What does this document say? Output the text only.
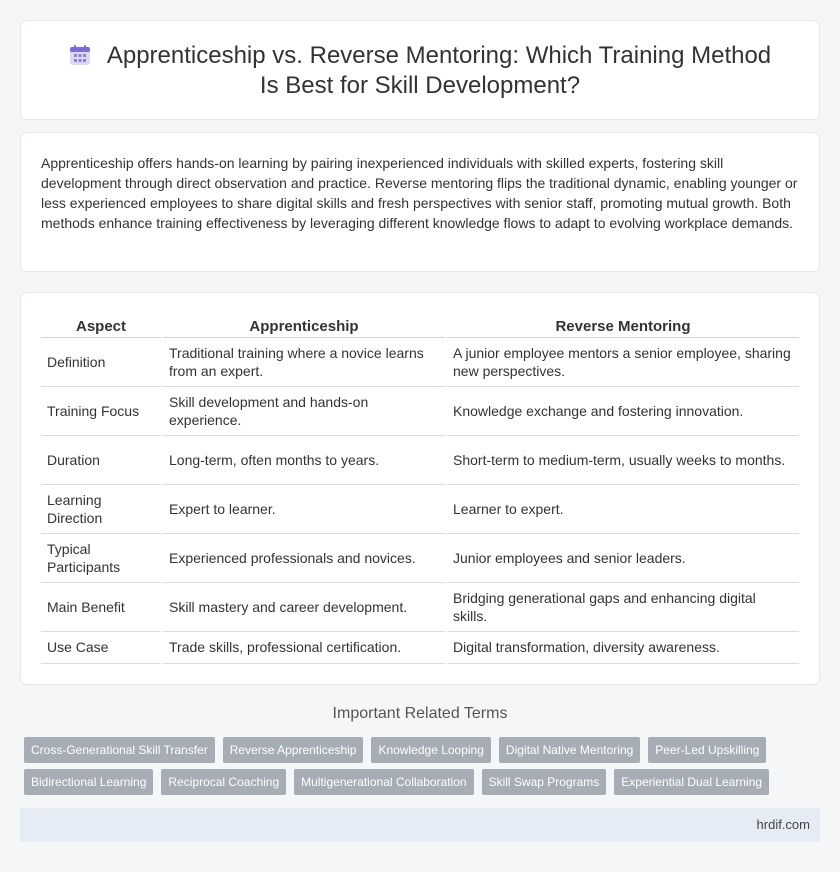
Apprenticeship vs. Reverse Mentoring: Which Training Method Is Best for Skill Development?

Apprenticeship offers hands-on learning by pairing inexperienced individuals with skilled experts, fostering skill development through direct observation and practice. Reverse mentoring flips the traditional dynamic, enabling younger or less experienced employees to share digital skills and fresh perspectives with senior staff, promoting mutual growth. Both methods enhance training effectiveness by leveraging different knowledge flows to adapt to evolving workplace demands.

Aspect	Apprenticeship	Reverse Mentoring
Definition	Traditional training where a novice learns from an expert.	A junior employee mentors a senior employee, sharing new perspectives.
Training Focus	Skill development and hands-on experience.	Knowledge exchange and fostering innovation.
Duration	Long-term, often months to years.	Short-term to medium-term, usually weeks to months.
Learning Direction	Expert to learner.	Learner to expert.
Typical Participants	Experienced professionals and novices.	Junior employees and senior leaders.
Main Benefit	Skill mastery and career development.	Bridging generational gaps and enhancing digital skills.
Use Case	Trade skills, professional certification.	Digital transformation, diversity awareness.
Important Related Terms
Cross-Generational Skill Transfer	Reverse Apprenticeship	Knowledge Looping	Digital Native Mentoring	Peer-Led Upskilling
Bidirectional Learning	Reciprocal Coaching	Multigenerational Collaboration	Skill Swap Programs	Experiential Dual Learning
hrdif.com
